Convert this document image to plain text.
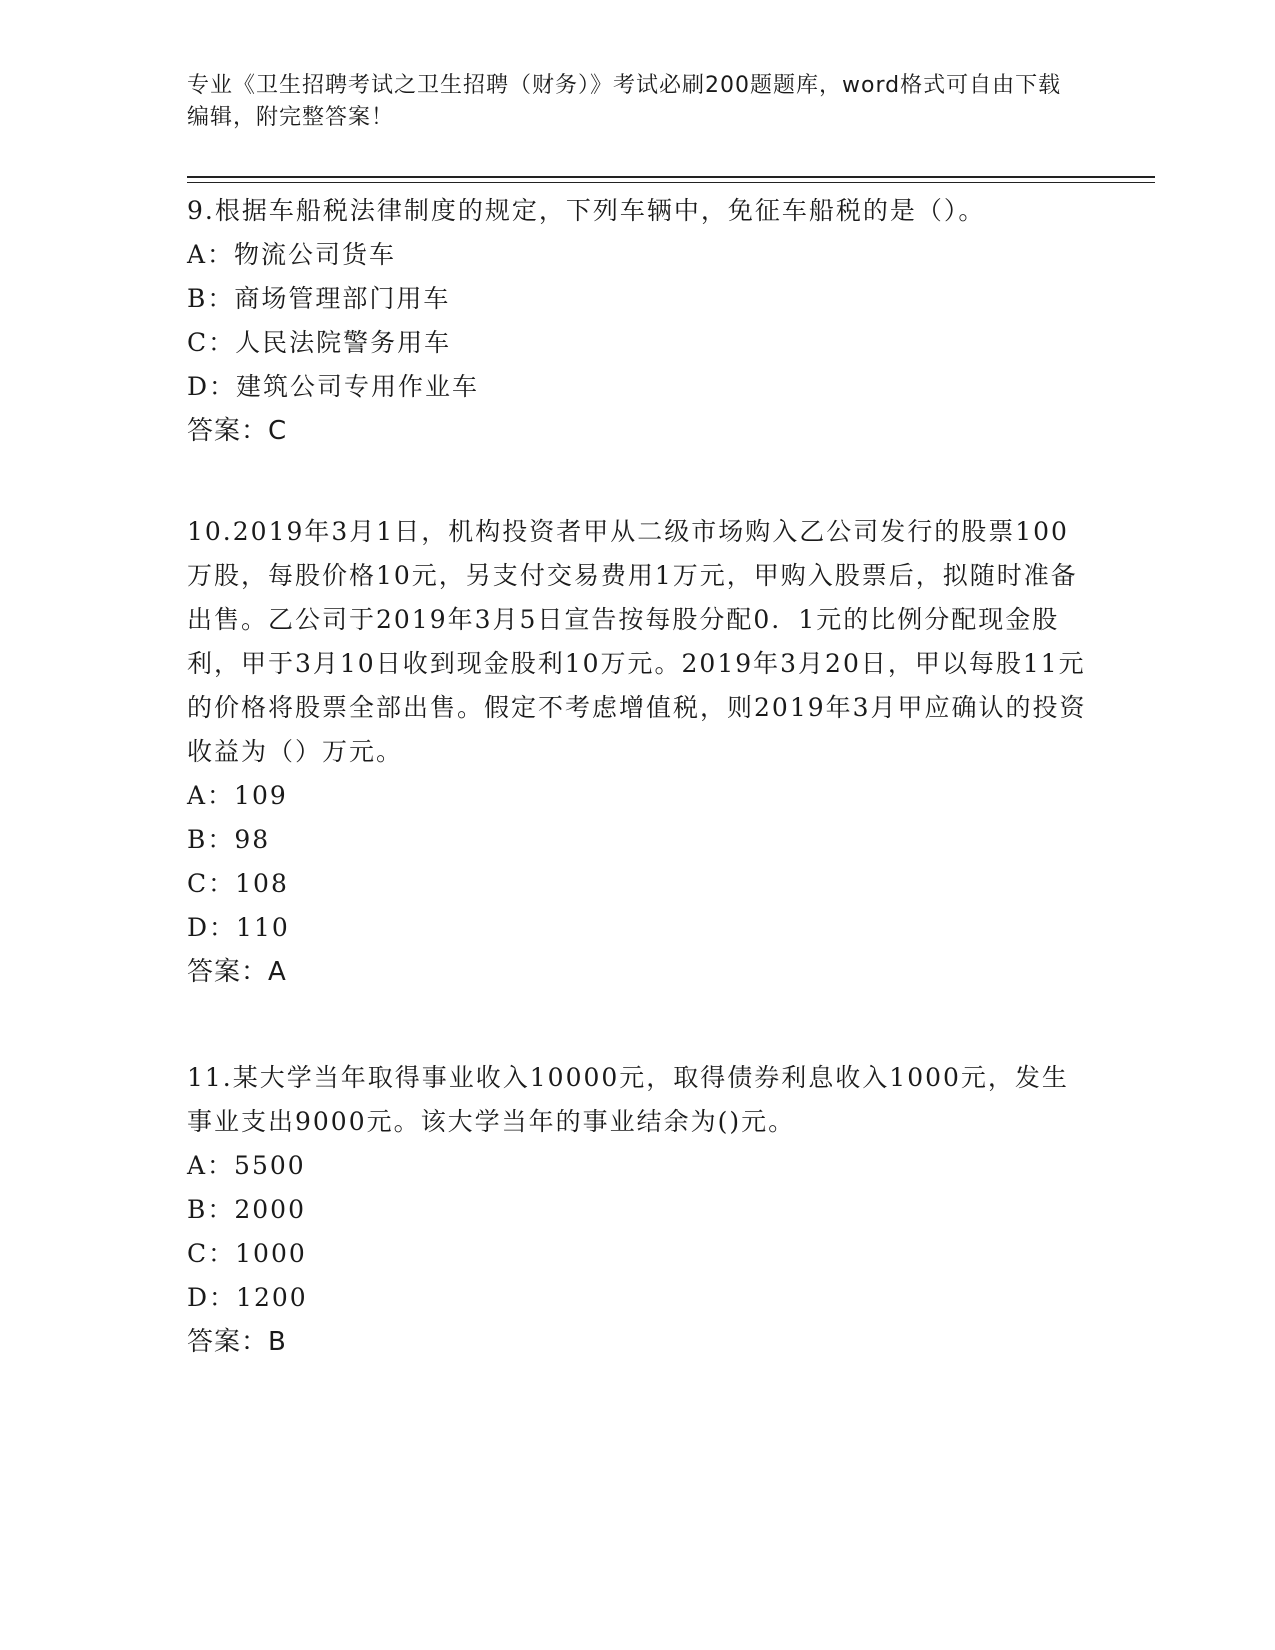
专业《卫生招聘考试之卫生招聘（财务）》考试必刷200题题库，word格式可自由下载编辑，附完整答案！

9.根据车船税法律制度的规定，下列车辆中，免征车船税的是（）。

A：物流公司货车

B：商场管理部门用车

C：人民法院警务用车

D：建筑公司专用作业车

答案：C

10.2019年3月1日，机构投资者甲从二级市场购入乙公司发行的股票100万股，每股价格10元，另支付交易费用1万元，甲购入股票后，拟随时准备出售。乙公司于2019年3月5日宣告按每股分配0．1元的比例分配现金股利，甲于3月10日收到现金股利10万元。2019年3月20日，甲以每股11元的价格将股票全部出售。假定不考虑增值税，则2019年3月甲应确认的投资收益为（）万元。

A：109

B：98

C：108

D：110

答案：A

11.某大学当年取得事业收入10000元，取得债券利息收入1000元，发生事业支出9000元。该大学当年的事业结余为()元。

A：5500

B：2000

C：1000

D：1200

答案：B
